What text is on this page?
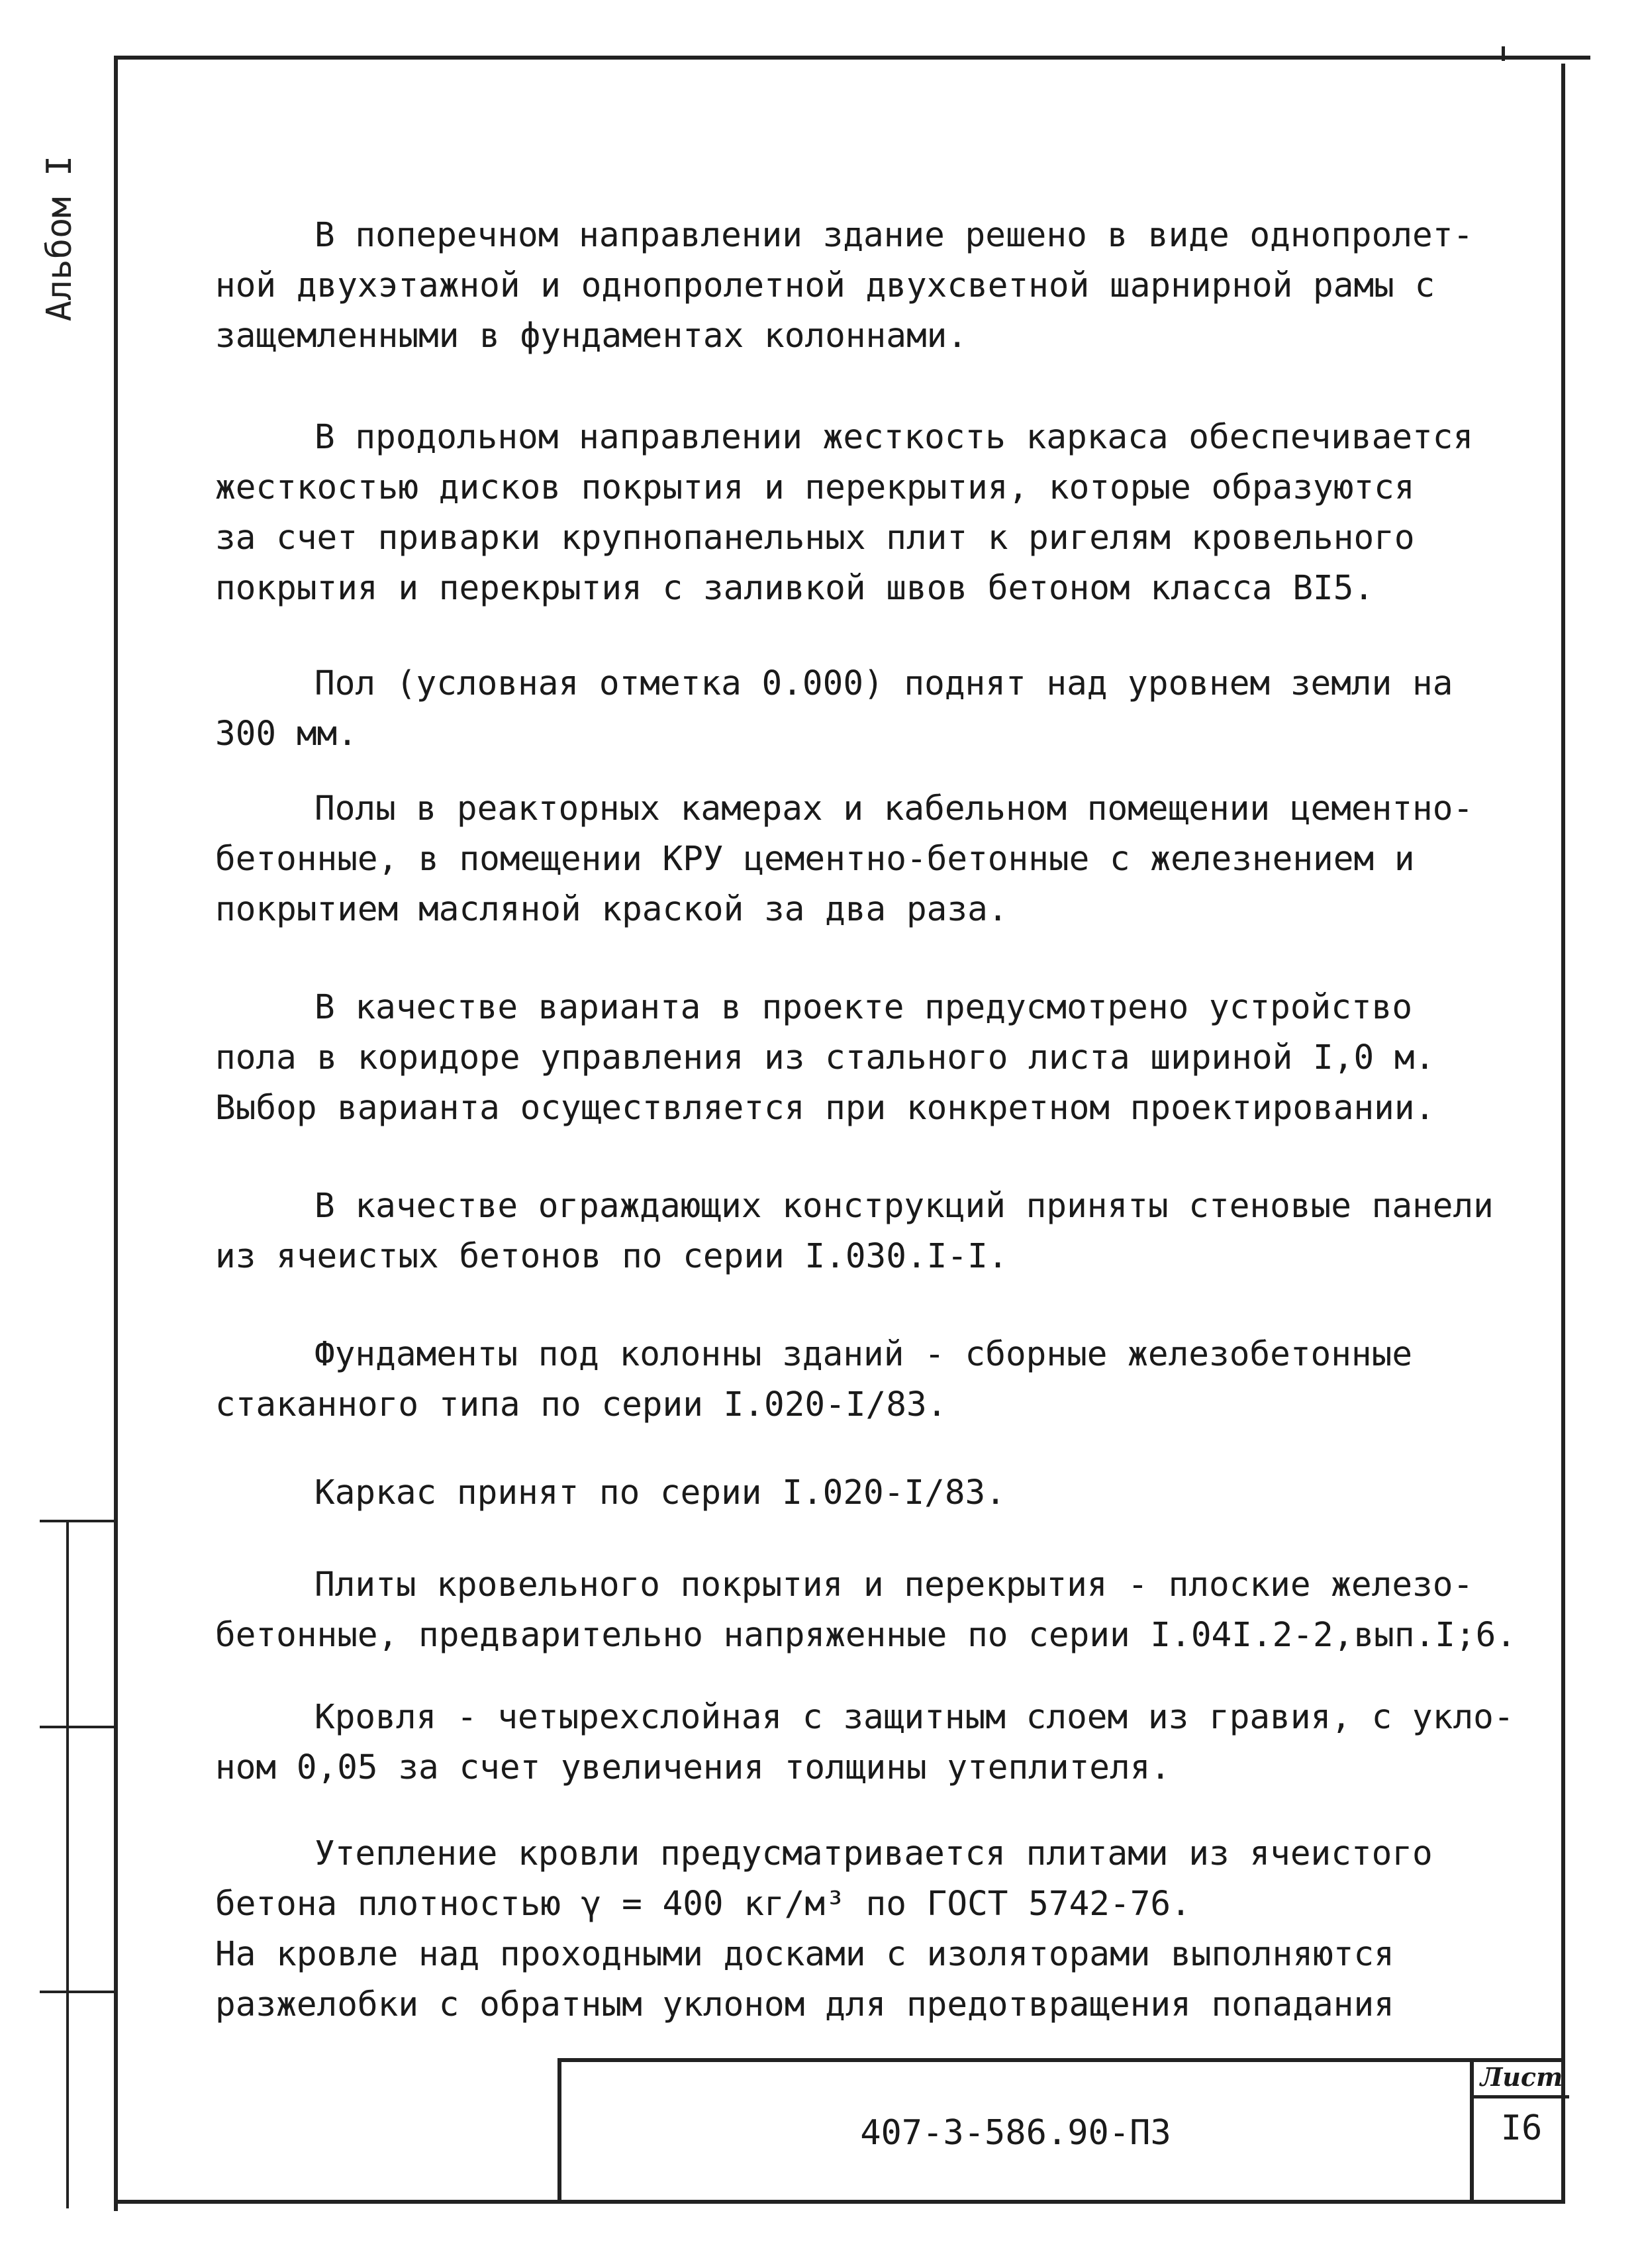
Альбом I	В поперечном направлении здание решено в виде однопролет-
ной двухэтажной и однопролетной двухсветной шарнирной рамы с
защемленными в фундаментах колоннами.
В продольном направлении жесткость каркаса обеспечивается
жесткостью дисков покрытия и перекрытия, которые образуются
за счет приварки крупнопанельных плит к ригелям кровельного
покрытия и перекрытия с заливкой швов бетоном класса BI5.
Пол (условная отметка 0.000) поднят над уровнем земли на
300 мм.
Полы в реакторных камерах и кабельном помещении цементно-
бетонные, в помещении КРУ цементно-бетонные с железнением и
покрытием масляной краской за два раза.
В качестве варианта в проекте предусмотрено устройство
пола в коридоре управления из стального листа шириной I,0 м.
Выбор варианта осуществляется при конкретном проектировании.
В качестве ограждающих конструкций приняты стеновые панели
из ячеистых бетонов по серии I.030.I-I.
Фундаменты под колонны зданий - сборные железобетонные
стаканного типа по серии I.020-I/83.
Каркас принят по серии I.020-I/83.
Плиты кровельного покрытия и перекрытия - плоские железо-
бетонные, предварительно напряженные по серии I.04I.2-2,вып.I;6.
Кровля - четырехслойная с защитным слоем из гравия, с укло-
ном 0,05 за счет увеличения толщины утеплителя.
Утепление кровли предусматривается плитами из ячеистого
бетона плотностью γ = 400 кг/м³ по ГОСТ 5742-76.
На кровле над проходными досками с изоляторами выполняются
разжелобки с обратным уклоном для предотвращения попадания
407-3-586.90-ПЗ
Лист
I6
